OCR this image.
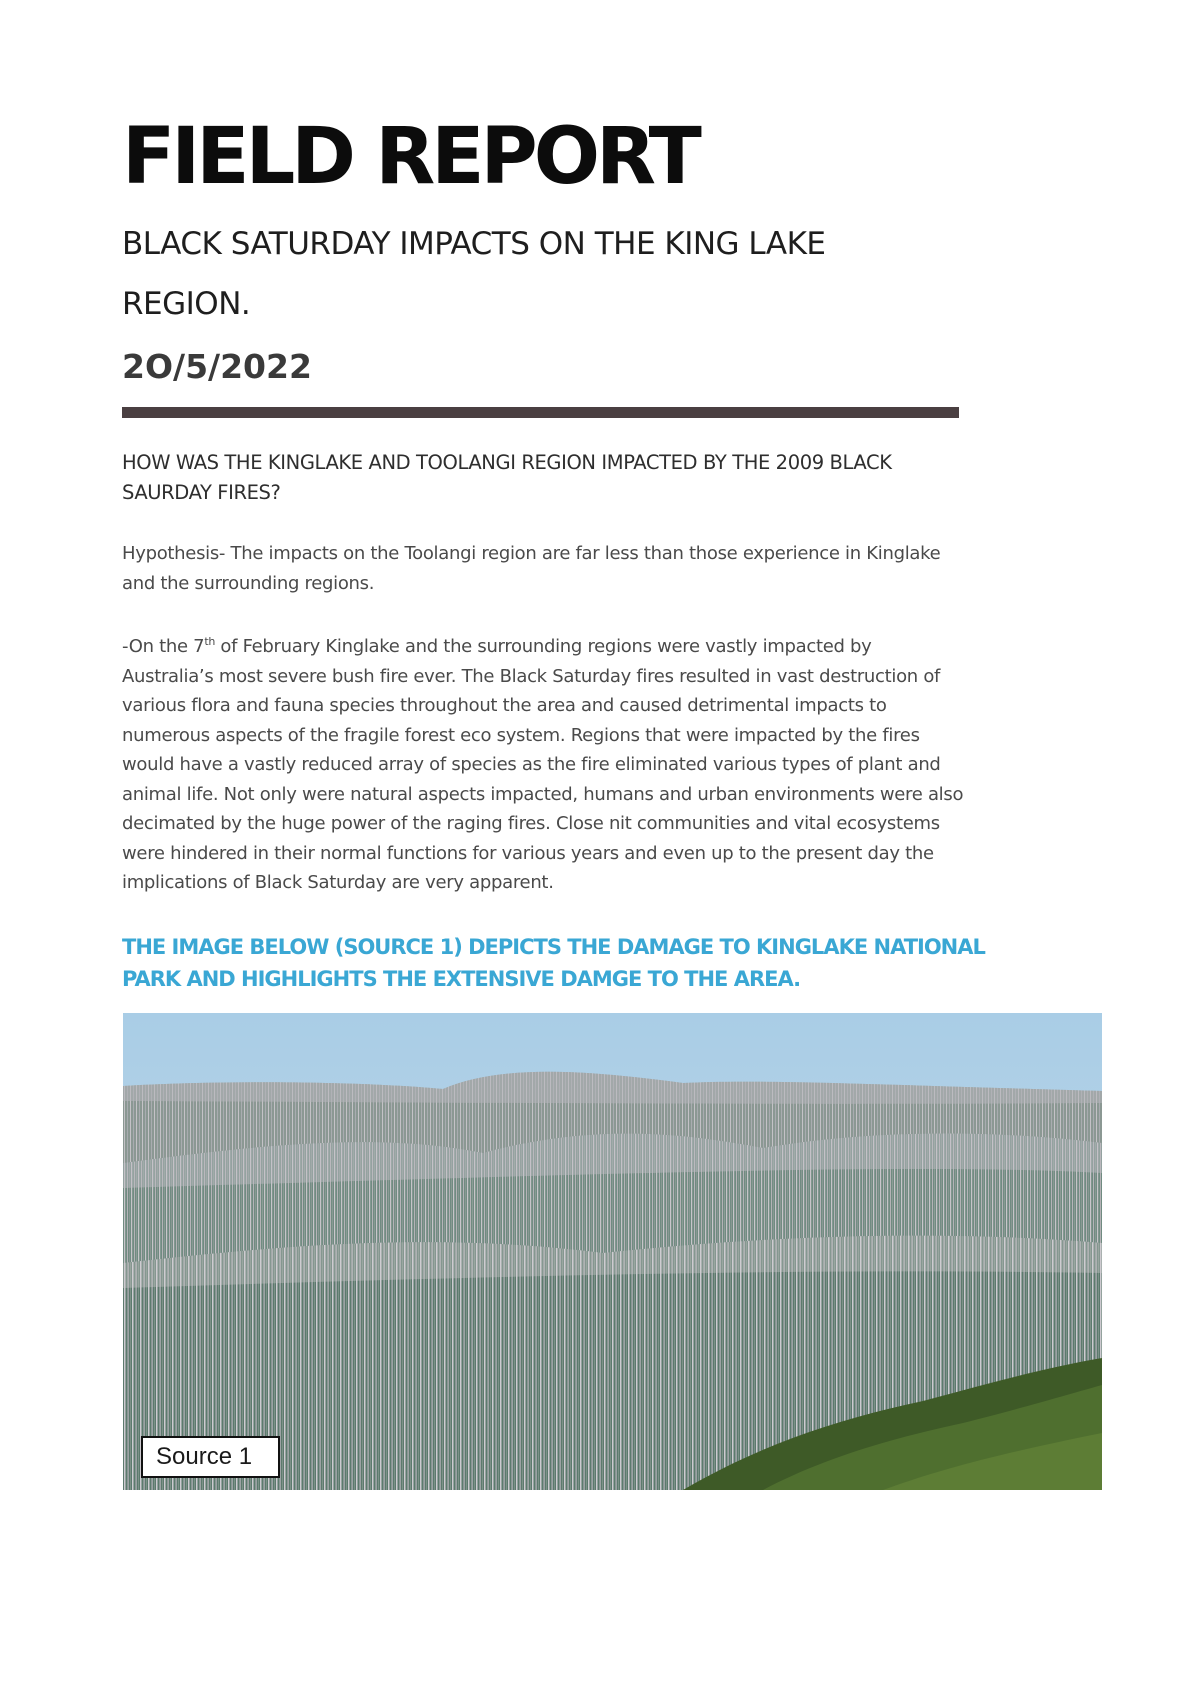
FIELD REPORT
BLACK SATURDAY IMPACTS ON THE KING LAKE REGION.
2O/5/2022
HOW WAS THE KINGLAKE AND TOOLANGI REGION IMPACTED BY THE 2009 BLACK SAURDAY FIRES?

Hypothesis- The impacts on the Toolangi region are far less than those experience in Kinglake and the surrounding regions.

-On the 7th of February Kinglake and the surrounding regions were vastly impacted by Australia’s most severe bush fire ever. The Black Saturday fires resulted in vast destruction of various flora and fauna species throughout the area and caused detrimental impacts to numerous aspects of the fragile forest eco system. Regions that were impacted by the fires would have a vastly reduced array of species as the fire eliminated various types of plant and animal life. Not only were natural aspects impacted, humans and urban environments were also decimated by the huge power of the raging fires. Close nit communities and vital ecosystems were hindered in their normal functions for various years and even up to the present day the implications of Black Saturday are very apparent.

THE IMAGE BELOW (SOURCE 1) DEPICTS THE DAMAGE TO KINGLAKE NATIONAL PARK AND HIGHLIGHTS THE EXTENSIVE DAMGE TO THE AREA.

Source 1
